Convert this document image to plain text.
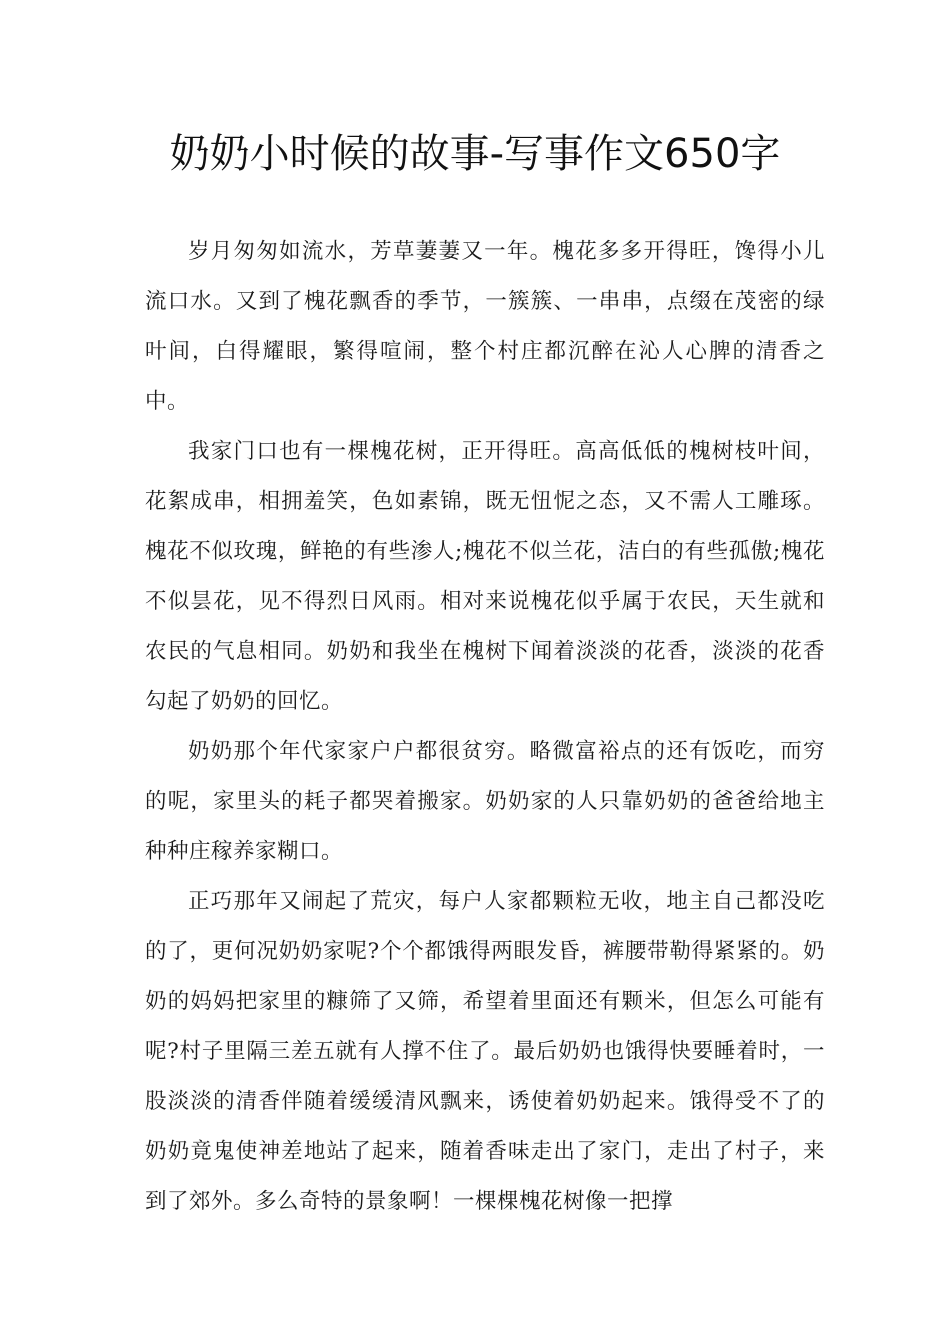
奶奶小时候的故事-写事作文650字

岁月匆匆如流水，芳草萋萋又一年。槐花多多开得旺，馋得小儿流口水。又到了槐花飘香的季节，一簇簇、一串串，点缀在茂密的绿叶间，白得耀眼，繁得喧闹，整个村庄都沉醉在沁人心脾的清香之中。

我家门口也有一棵槐花树，正开得旺。高高低低的槐树枝叶间，花絮成串，相拥羞笑，色如素锦，既无忸怩之态，又不需人工雕琢。槐花不似玫瑰，鲜艳的有些渗人;槐花不似兰花，洁白的有些孤傲;槐花不似昙花，见不得烈日风雨。相对来说槐花似乎属于农民，天生就和农民的气息相同。奶奶和我坐在槐树下闻着淡淡的花香，淡淡的花香勾起了奶奶的回忆。

奶奶那个年代家家户户都很贫穷。略微富裕点的还有饭吃，而穷的呢，家里头的耗子都哭着搬家。奶奶家的人只靠奶奶的爸爸给地主种种庄稼养家糊口。

正巧那年又闹起了荒灾，每户人家都颗粒无收，地主自己都没吃的了，更何况奶奶家呢?个个都饿得两眼发昏，裤腰带勒得紧紧的。奶奶的妈妈把家里的糠筛了又筛，希望着里面还有颗米，但怎么可能有呢?村子里隔三差五就有人撑不住了。最后奶奶也饿得快要睡着时，一股淡淡的清香伴随着缓缓清风飘来，诱使着奶奶起来。饿得受不了的奶奶竟鬼使神差地站了起来，随着香味走出了家门，走出了村子，来到了郊外。多么奇特的景象啊！一棵棵槐花树像一把撑
